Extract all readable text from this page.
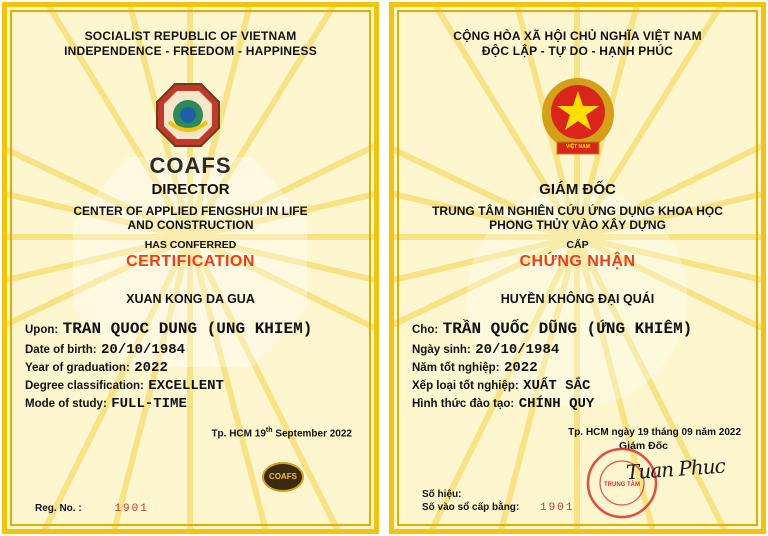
SOCIALIST REPUBLIC OF VIETNAM
INDEPENDENCE - FREEDOM - HAPPINESS
COAFS
DIRECTOR
CENTER OF APPLIED FENGSHUI IN LIFE
AND CONSTRUCTION
HAS CONFERRED
CERTIFICATION
XUAN KONG DA GUA
Upon: TRAN QUOC DUNG (UNG KHIEM)
Date of birth: 20/10/1984
Year of graduation: 2022
Degree classification: EXCELLENT
Mode of study: FULL-TIME
Tp. HCM 19th September 2022
COAFS
Reg. No. :	1901
CỘNG HÒA XÃ HỘI CHỦ NGHĨA VIỆT NAM
ĐỘC LẬP - TỰ DO - HẠNH PHÚC
VIỆT NAM
GIÁM ĐỐC
TRUNG TÂM NGHIÊN CỨU ỨNG DỤNG KHOA HỌC
PHONG THỦY VÀO XÂY DỰNG
CẤP
CHỨNG NHẬN
HUYỀN KHÔNG ĐẠI QUÁI
Cho: TRẦN QUỐC DŨNG (ỨNG KHIÊM)
Ngày sinh: 20/10/1984
Năm tốt nghiệp: 2022
Xếp loại tốt nghiệp: XUẤT SẮC
Hình thức đào tạo: CHÍNH QUY
Tp. HCM ngày 19 tháng 09 năm 2022
Giám Đốc
TRUNG TÂM
Tuan Phuc
Số hiệu:
Số vào sổ cấp bằng: 1901
